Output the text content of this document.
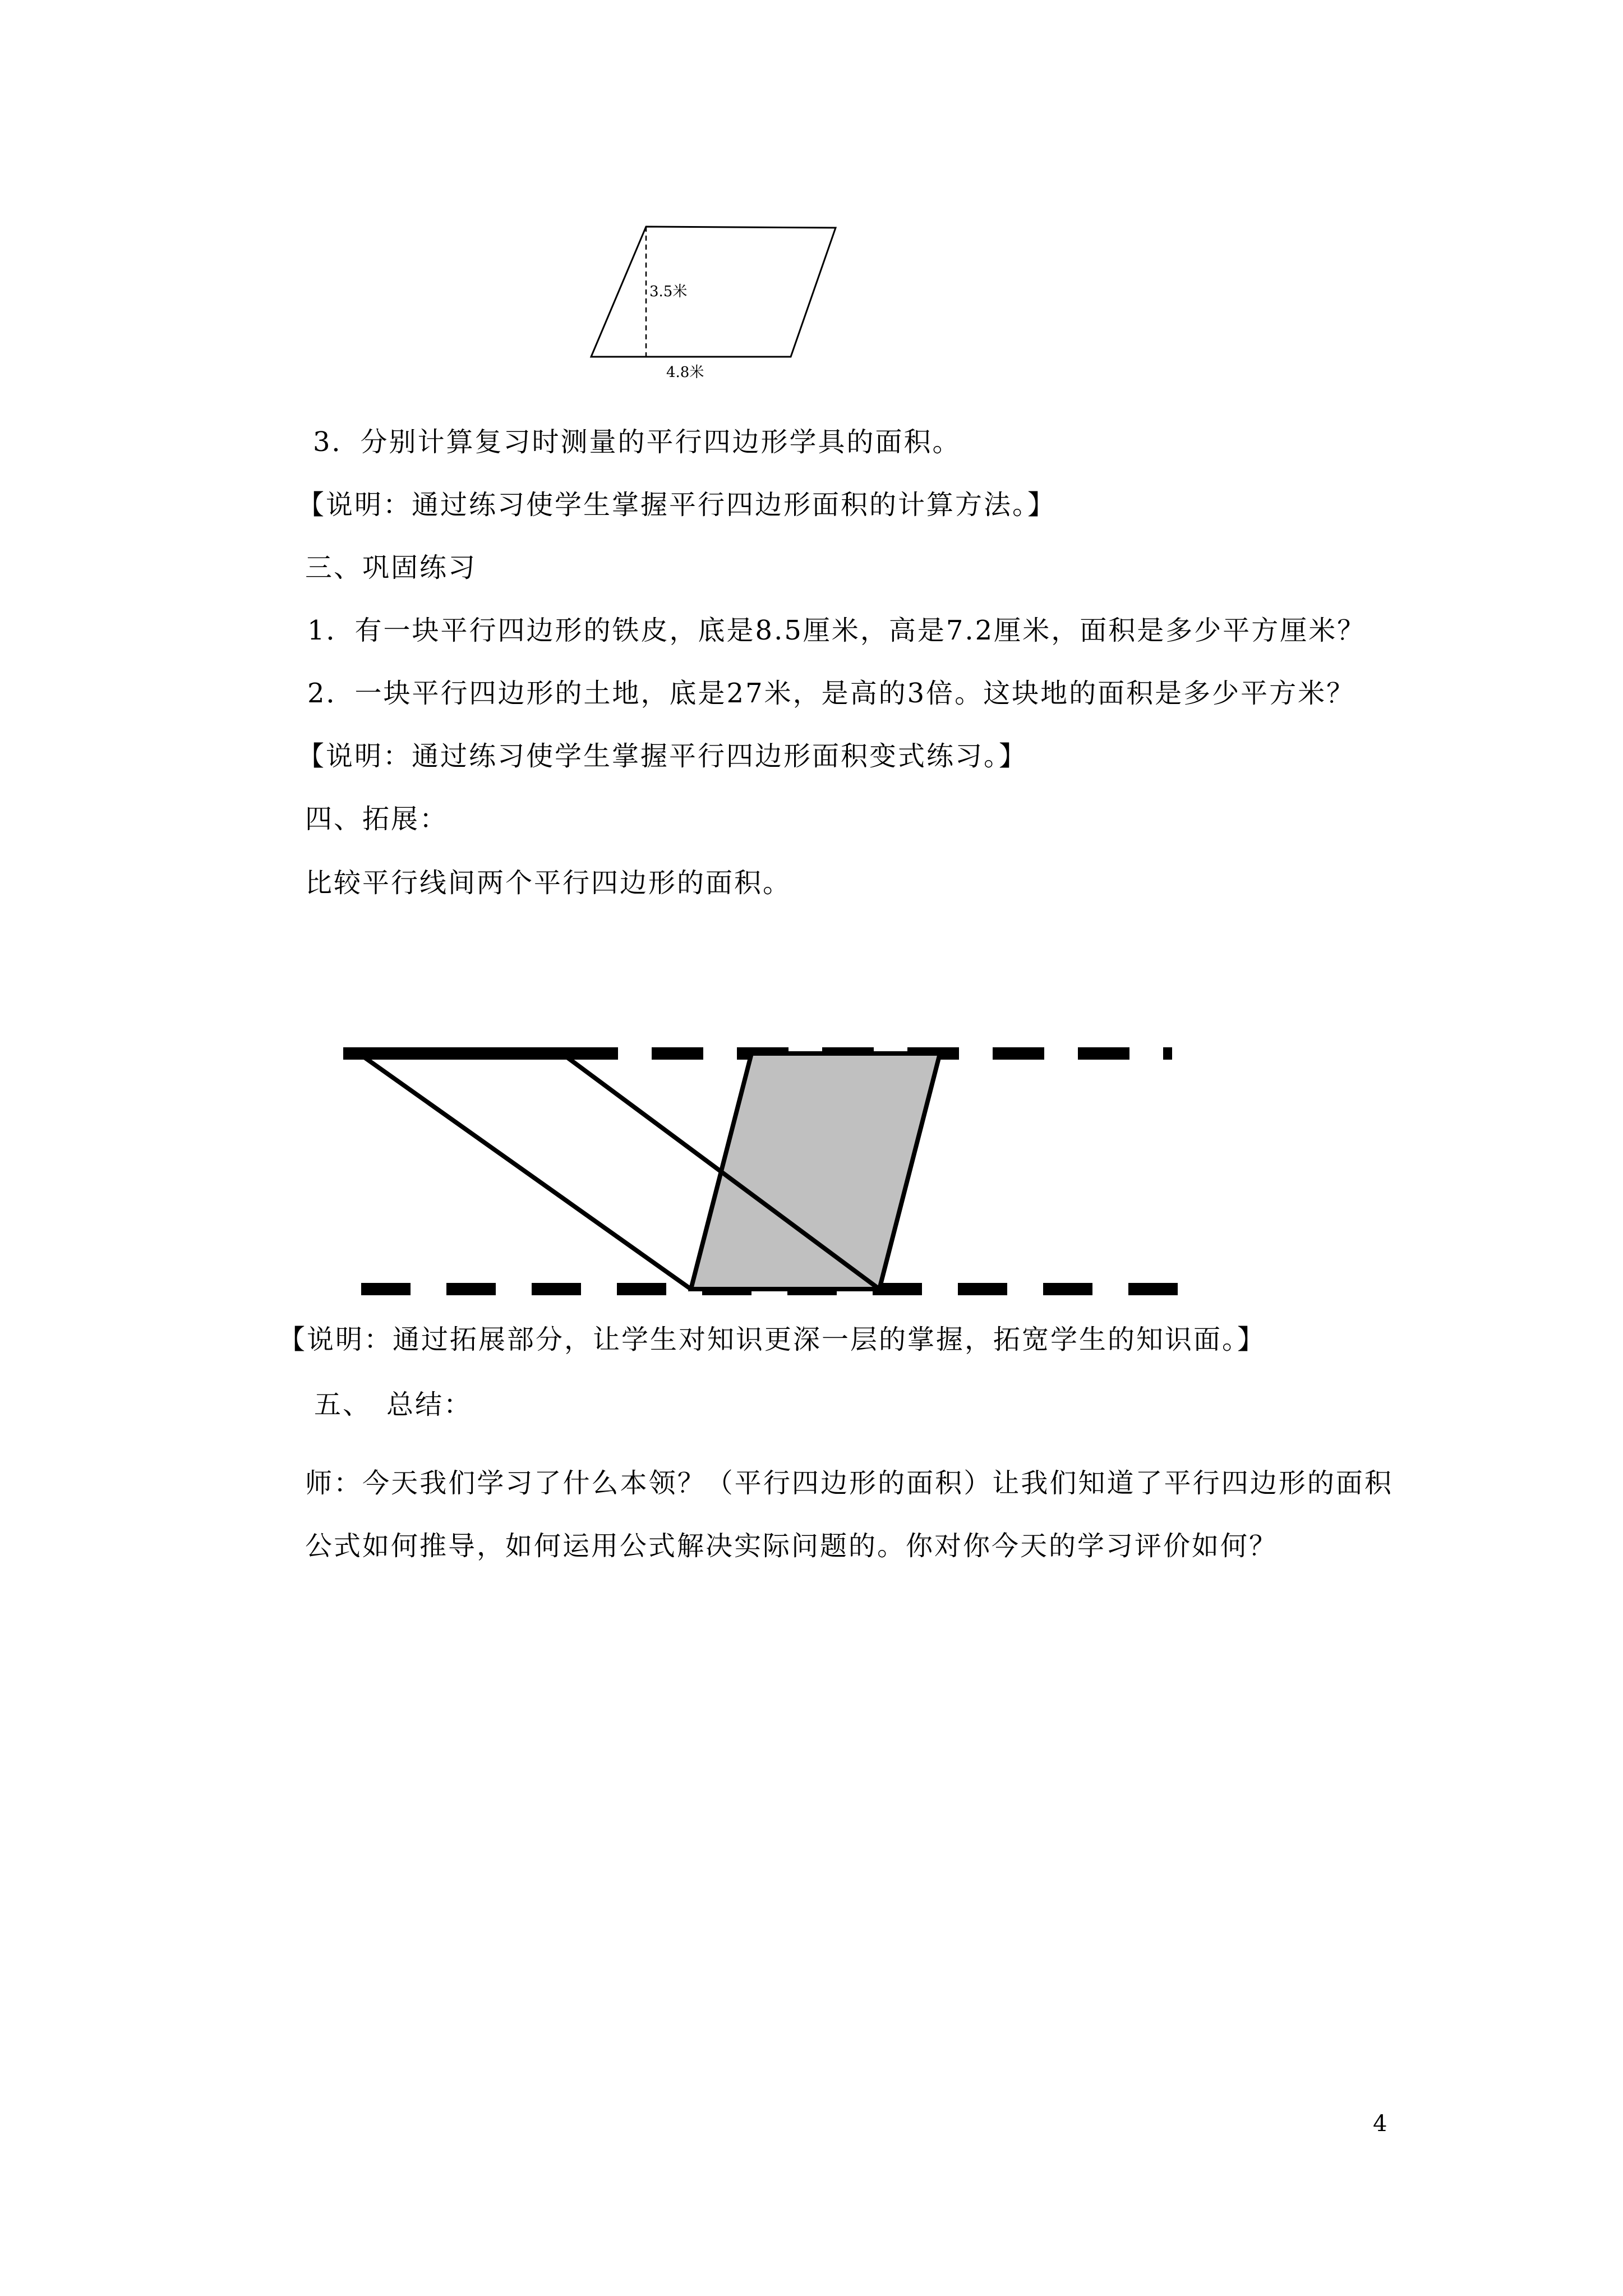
3.5米
4.8米
3．分别计算复习时测量的平行四边形学具的面积。
【说明：通过练习使学生掌握平行四边形面积的计算方法。】
三、巩固练习
1．有一块平行四边形的铁皮，底是8.5厘米，高是7.2厘米，面积是多少平方厘米？
2．一块平行四边形的土地，底是27米，是高的3倍。这块地的面积是多少平方米？
【说明：通过练习使学生掌握平行四边形面积变式练习。】
四、拓展：
比较平行线间两个平行四边形的面积。
【说明：通过拓展部分，让学生对知识更深一层的掌握，拓宽学生的知识面。】
五、　总结：
师：今天我们学习了什么本领？（平行四边形的面积）让我们知道了平行四边形的面积公式如何推导，如何运用公式解决实际问题的。你对你今天的学习评价如何？
4
